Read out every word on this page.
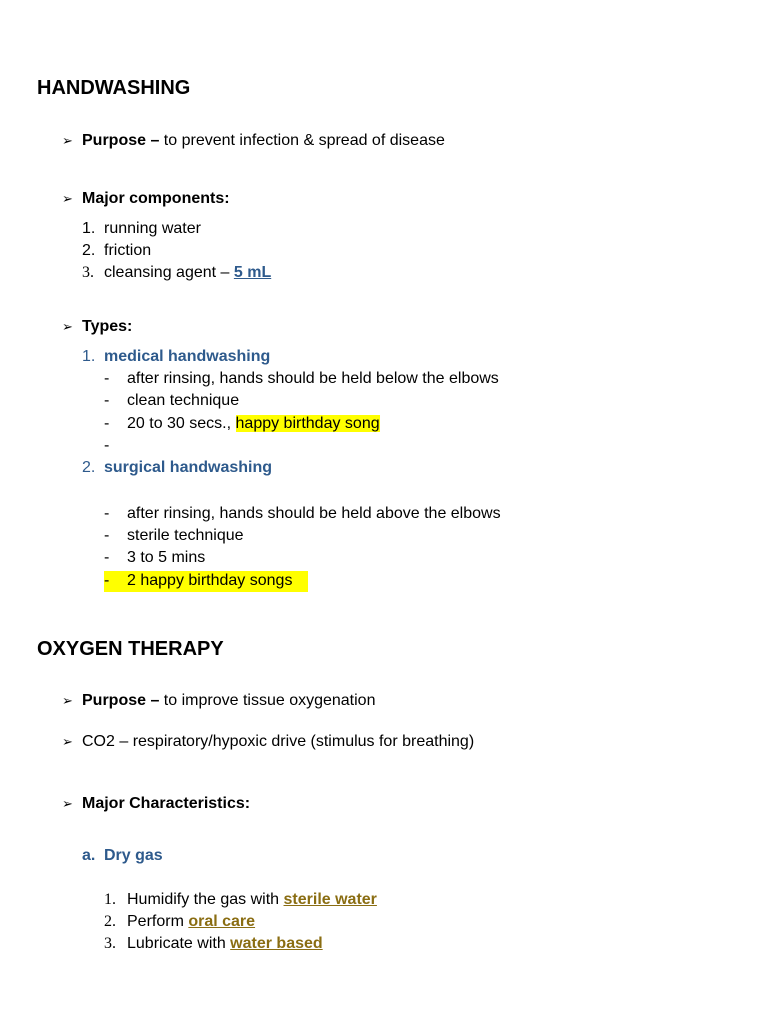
HANDWASHING
➢ Purpose – to prevent infection & spread of disease
➢ Major components:
1. running water
2. friction
3. cleansing agent – 5 mL
➢ Types:
1. medical handwashing
- after rinsing, hands should be held below the elbows
- clean technique
- 20 to 30 secs., happy birthday song
-
2. surgical handwashing
- after rinsing, hands should be held above the elbows
- sterile technique
- 3 to 5 mins
- 2 happy birthday songs
OXYGEN THERAPY
➢ Purpose – to improve tissue oxygenation
➢ CO2 – respiratory/hypoxic drive (stimulus for breathing)
➢ Major Characteristics:
a. Dry gas
1. Humidify the gas with sterile water
2. Perform oral care
3. Lubricate with water based
